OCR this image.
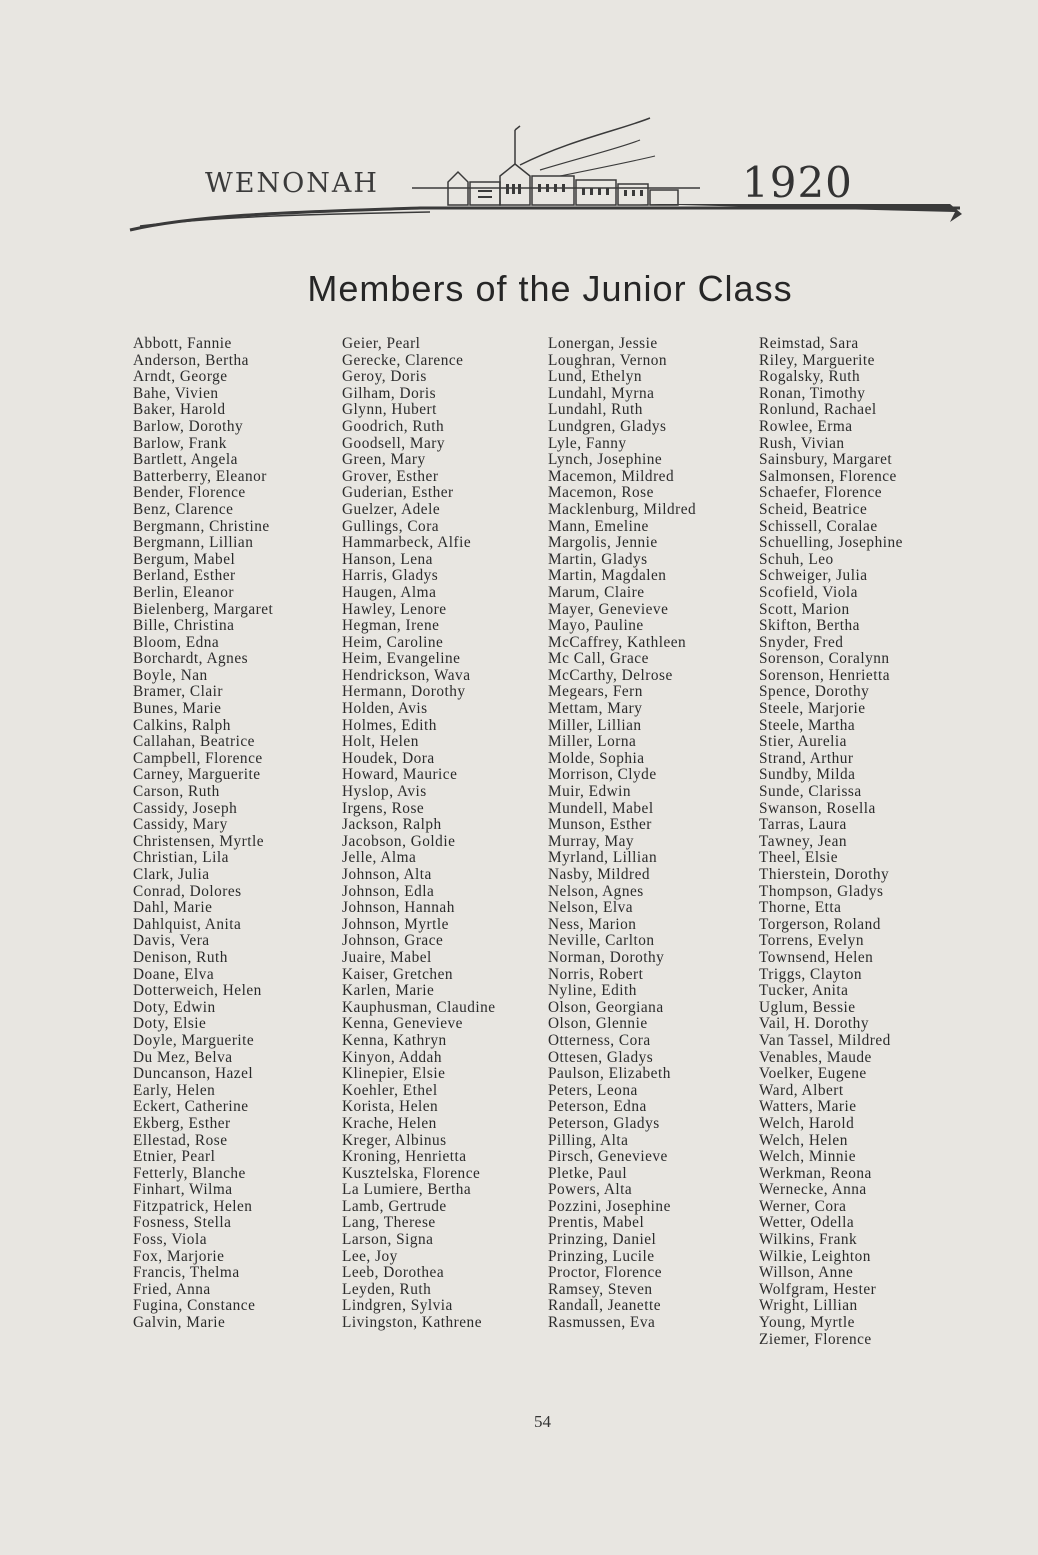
WENONAH	1920
Members of the Junior Class
Abbott, Fannie
Anderson, Bertha
Arndt, George
Bahe, Vivien
Baker, Harold
Barlow, Dorothy
Barlow, Frank
Bartlett, Angela
Batterberry, Eleanor
Bender, Florence
Benz, Clarence
Bergmann, Christine
Bergmann, Lillian
Bergum, Mabel
Berland, Esther
Berlin, Eleanor
Bielenberg, Margaret
Bille, Christina
Bloom, Edna
Borchardt, Agnes
Boyle, Nan
Bramer, Clair
Bunes, Marie
Calkins, Ralph
Callahan, Beatrice
Campbell, Florence
Carney, Marguerite
Carson, Ruth
Cassidy, Joseph
Cassidy, Mary
Christensen, Myrtle
Christian, Lila
Clark, Julia
Conrad, Dolores
Dahl, Marie
Dahlquist, Anita
Davis, Vera
Denison, Ruth
Doane, Elva
Dotterweich, Helen
Doty, Edwin
Doty, Elsie
Doyle, Marguerite
Du Mez, Belva
Duncanson, Hazel
Early, Helen
Eckert, Catherine
Ekberg, Esther
Ellestad, Rose
Etnier, Pearl
Fetterly, Blanche
Finhart, Wilma
Fitzpatrick, Helen
Fosness, Stella
Foss, Viola
Fox, Marjorie
Francis, Thelma
Fried, Anna
Fugina, Constance
Galvin, Marie
Geier, Pearl
Gerecke, Clarence
Geroy, Doris
Gilham, Doris
Glynn, Hubert
Goodrich, Ruth
Goodsell, Mary
Green, Mary
Grover, Esther
Guderian, Esther
Guelzer, Adele
Gullings, Cora
Hammarbeck, Alfie
Hanson, Lena
Harris, Gladys
Haugen, Alma
Hawley, Lenore
Hegman, Irene
Heim, Caroline
Heim, Evangeline
Hendrickson, Wava
Hermann, Dorothy
Holden, Avis
Holmes, Edith
Holt, Helen
Houdek, Dora
Howard, Maurice
Hyslop, Avis
Irgens, Rose
Jackson, Ralph
Jacobson, Goldie
Jelle, Alma
Johnson, Alta
Johnson, Edla
Johnson, Hannah
Johnson, Myrtle
Johnson, Grace
Juaire, Mabel
Kaiser, Gretchen
Karlen, Marie
Kauphusman, Claudine
Kenna, Genevieve
Kenna, Kathryn
Kinyon, Addah
Klinepier, Elsie
Koehler, Ethel
Korista, Helen
Krache, Helen
Kreger, Albinus
Kroning, Henrietta
Kusztelska, Florence
La Lumiere, Bertha
Lamb, Gertrude
Lang, Therese
Larson, Signa
Lee, Joy
Leeb, Dorothea
Leyden, Ruth
Lindgren, Sylvia
Livingston, Kathrene
Lonergan, Jessie
Loughran, Vernon
Lund, Ethelyn
Lundahl, Myrna
Lundahl, Ruth
Lundgren, Gladys
Lyle, Fanny
Lynch, Josephine
Macemon, Mildred
Macemon, Rose
Macklenburg, Mildred
Mann, Emeline
Margolis, Jennie
Martin, Gladys
Martin, Magdalen
Marum, Claire
Mayer, Genevieve
Mayo, Pauline
McCaffrey, Kathleen
Mc Call, Grace
McCarthy, Delrose
Megears, Fern
Mettam, Mary
Miller, Lillian
Miller, Lorna
Molde, Sophia
Morrison, Clyde
Muir, Edwin
Mundell, Mabel
Munson, Esther
Murray, May
Myrland, Lillian
Nasby, Mildred
Nelson, Agnes
Nelson, Elva
Ness, Marion
Neville, Carlton
Norman, Dorothy
Norris, Robert
Nyline, Edith
Olson, Georgiana
Olson, Glennie
Otterness, Cora
Ottesen, Gladys
Paulson, Elizabeth
Peters, Leona
Peterson, Edna
Peterson, Gladys
Pilling, Alta
Pirsch, Genevieve
Pletke, Paul
Powers, Alta
Pozzini, Josephine
Prentis, Mabel
Prinzing, Daniel
Prinzing, Lucile
Proctor, Florence
Ramsey, Steven
Randall, Jeanette
Rasmussen, Eva
Reimstad, Sara
Riley, Marguerite
Rogalsky, Ruth
Ronan, Timothy
Ronlund, Rachael
Rowlee, Erma
Rush, Vivian
Sainsbury, Margaret
Salmonsen, Florence
Schaefer, Florence
Scheid, Beatrice
Schissell, Coralae
Schuelling, Josephine
Schuh, Leo
Schweiger, Julia
Scofield, Viola
Scott, Marion
Skifton, Bertha
Snyder, Fred
Sorenson, Coralynn
Sorenson, Henrietta
Spence, Dorothy
Steele, Marjorie
Steele, Martha
Stier, Aurelia
Strand, Arthur
Sundby, Milda
Sunde, Clarissa
Swanson, Rosella
Tarras, Laura
Tawney, Jean
Theel, Elsie
Thierstein, Dorothy
Thompson, Gladys
Thorne, Etta
Torgerson, Roland
Torrens, Evelyn
Townsend, Helen
Triggs, Clayton
Tucker, Anita
Uglum, Bessie
Vail, H. Dorothy
Van Tassel, Mildred
Venables, Maude
Voelker, Eugene
Ward, Albert
Watters, Marie
Welch, Harold
Welch, Helen
Welch, Minnie
Werkman, Reona
Wernecke, Anna
Werner, Cora
Wetter, Odella
Wilkins, Frank
Wilkie, Leighton
Willson, Anne
Wolfgram, Hester
Wright, Lillian
Young, Myrtle
Ziemer, Florence
54
